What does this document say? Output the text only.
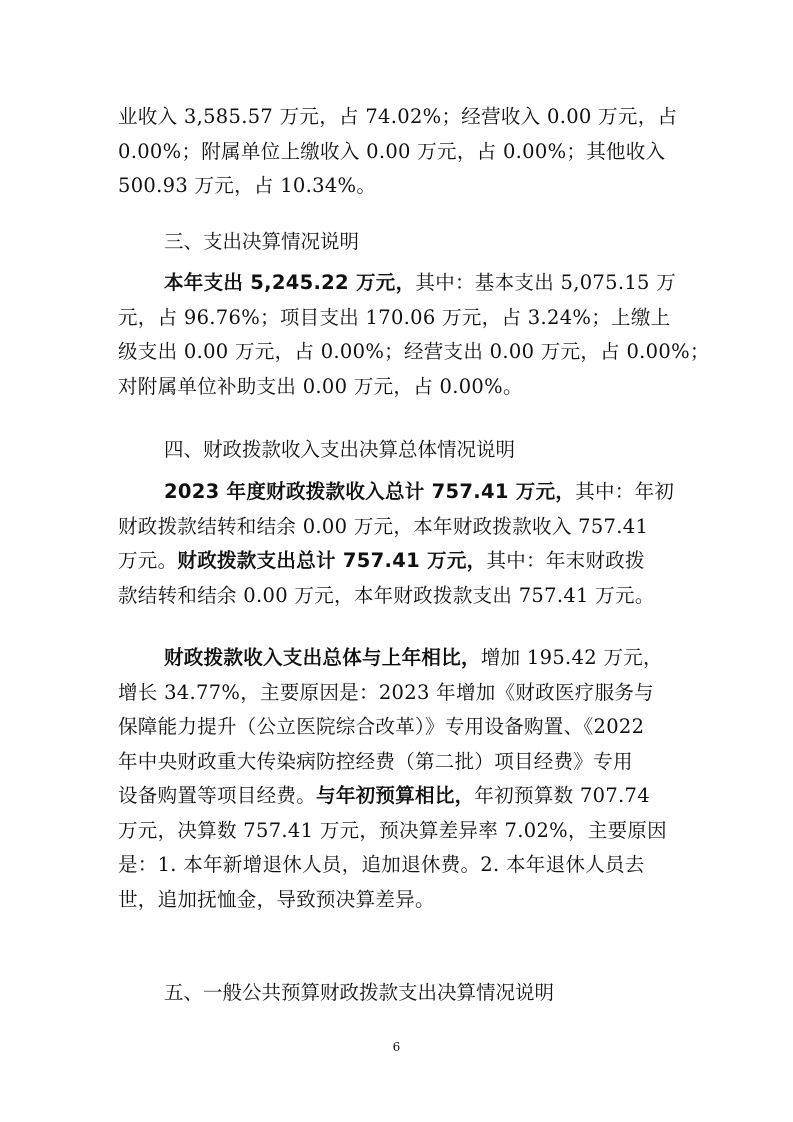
业收入 3,585.57 万元，占 74.02%；经营收入 0.00 万元，占
0.00%；附属单位上缴收入 0.00 万元，占 0.00%；其他收入
500.93 万元，占 10.34%。

三、支出决算情况说明

本年支出 5,245.22 万元，其中：基本支出 5,075.15 万
元，占 96.76%；项目支出 170.06 万元，占 3.24%；上缴上
级支出 0.00 万元，占 0.00%；经营支出 0.00 万元，占 0.00%；
对附属单位补助支出 0.00 万元，占 0.00%。

四、财政拨款收入支出决算总体情况说明

2023 年度财政拨款收入总计 757.41 万元，其中：年初
财政拨款结转和结余 0.00 万元，本年财政拨款收入 757.41
万元。财政拨款支出总计 757.41 万元，其中：年末财政拨
款结转和结余 0.00 万元，本年财政拨款支出 757.41 万元。

财政拨款收入支出总体与上年相比，增加 195.42 万元，
增长 34.77%，主要原因是：2023 年增加《财政医疗服务与
保障能力提升（公立医院综合改革）》专用设备购置、《2022
年中央财政重大传染病防控经费（第二批）项目经费》专用
设备购置等项目经费。与年初预算相比，年初预算数 707.74
万元，决算数 757.41 万元，预决算差异率 7.02%，主要原因
是：1. 本年新增退休人员，追加退休费。2. 本年退休人员去
世，追加抚恤金，导致预决算差异。

五、一般公共预算财政拨款支出决算情况说明
6
